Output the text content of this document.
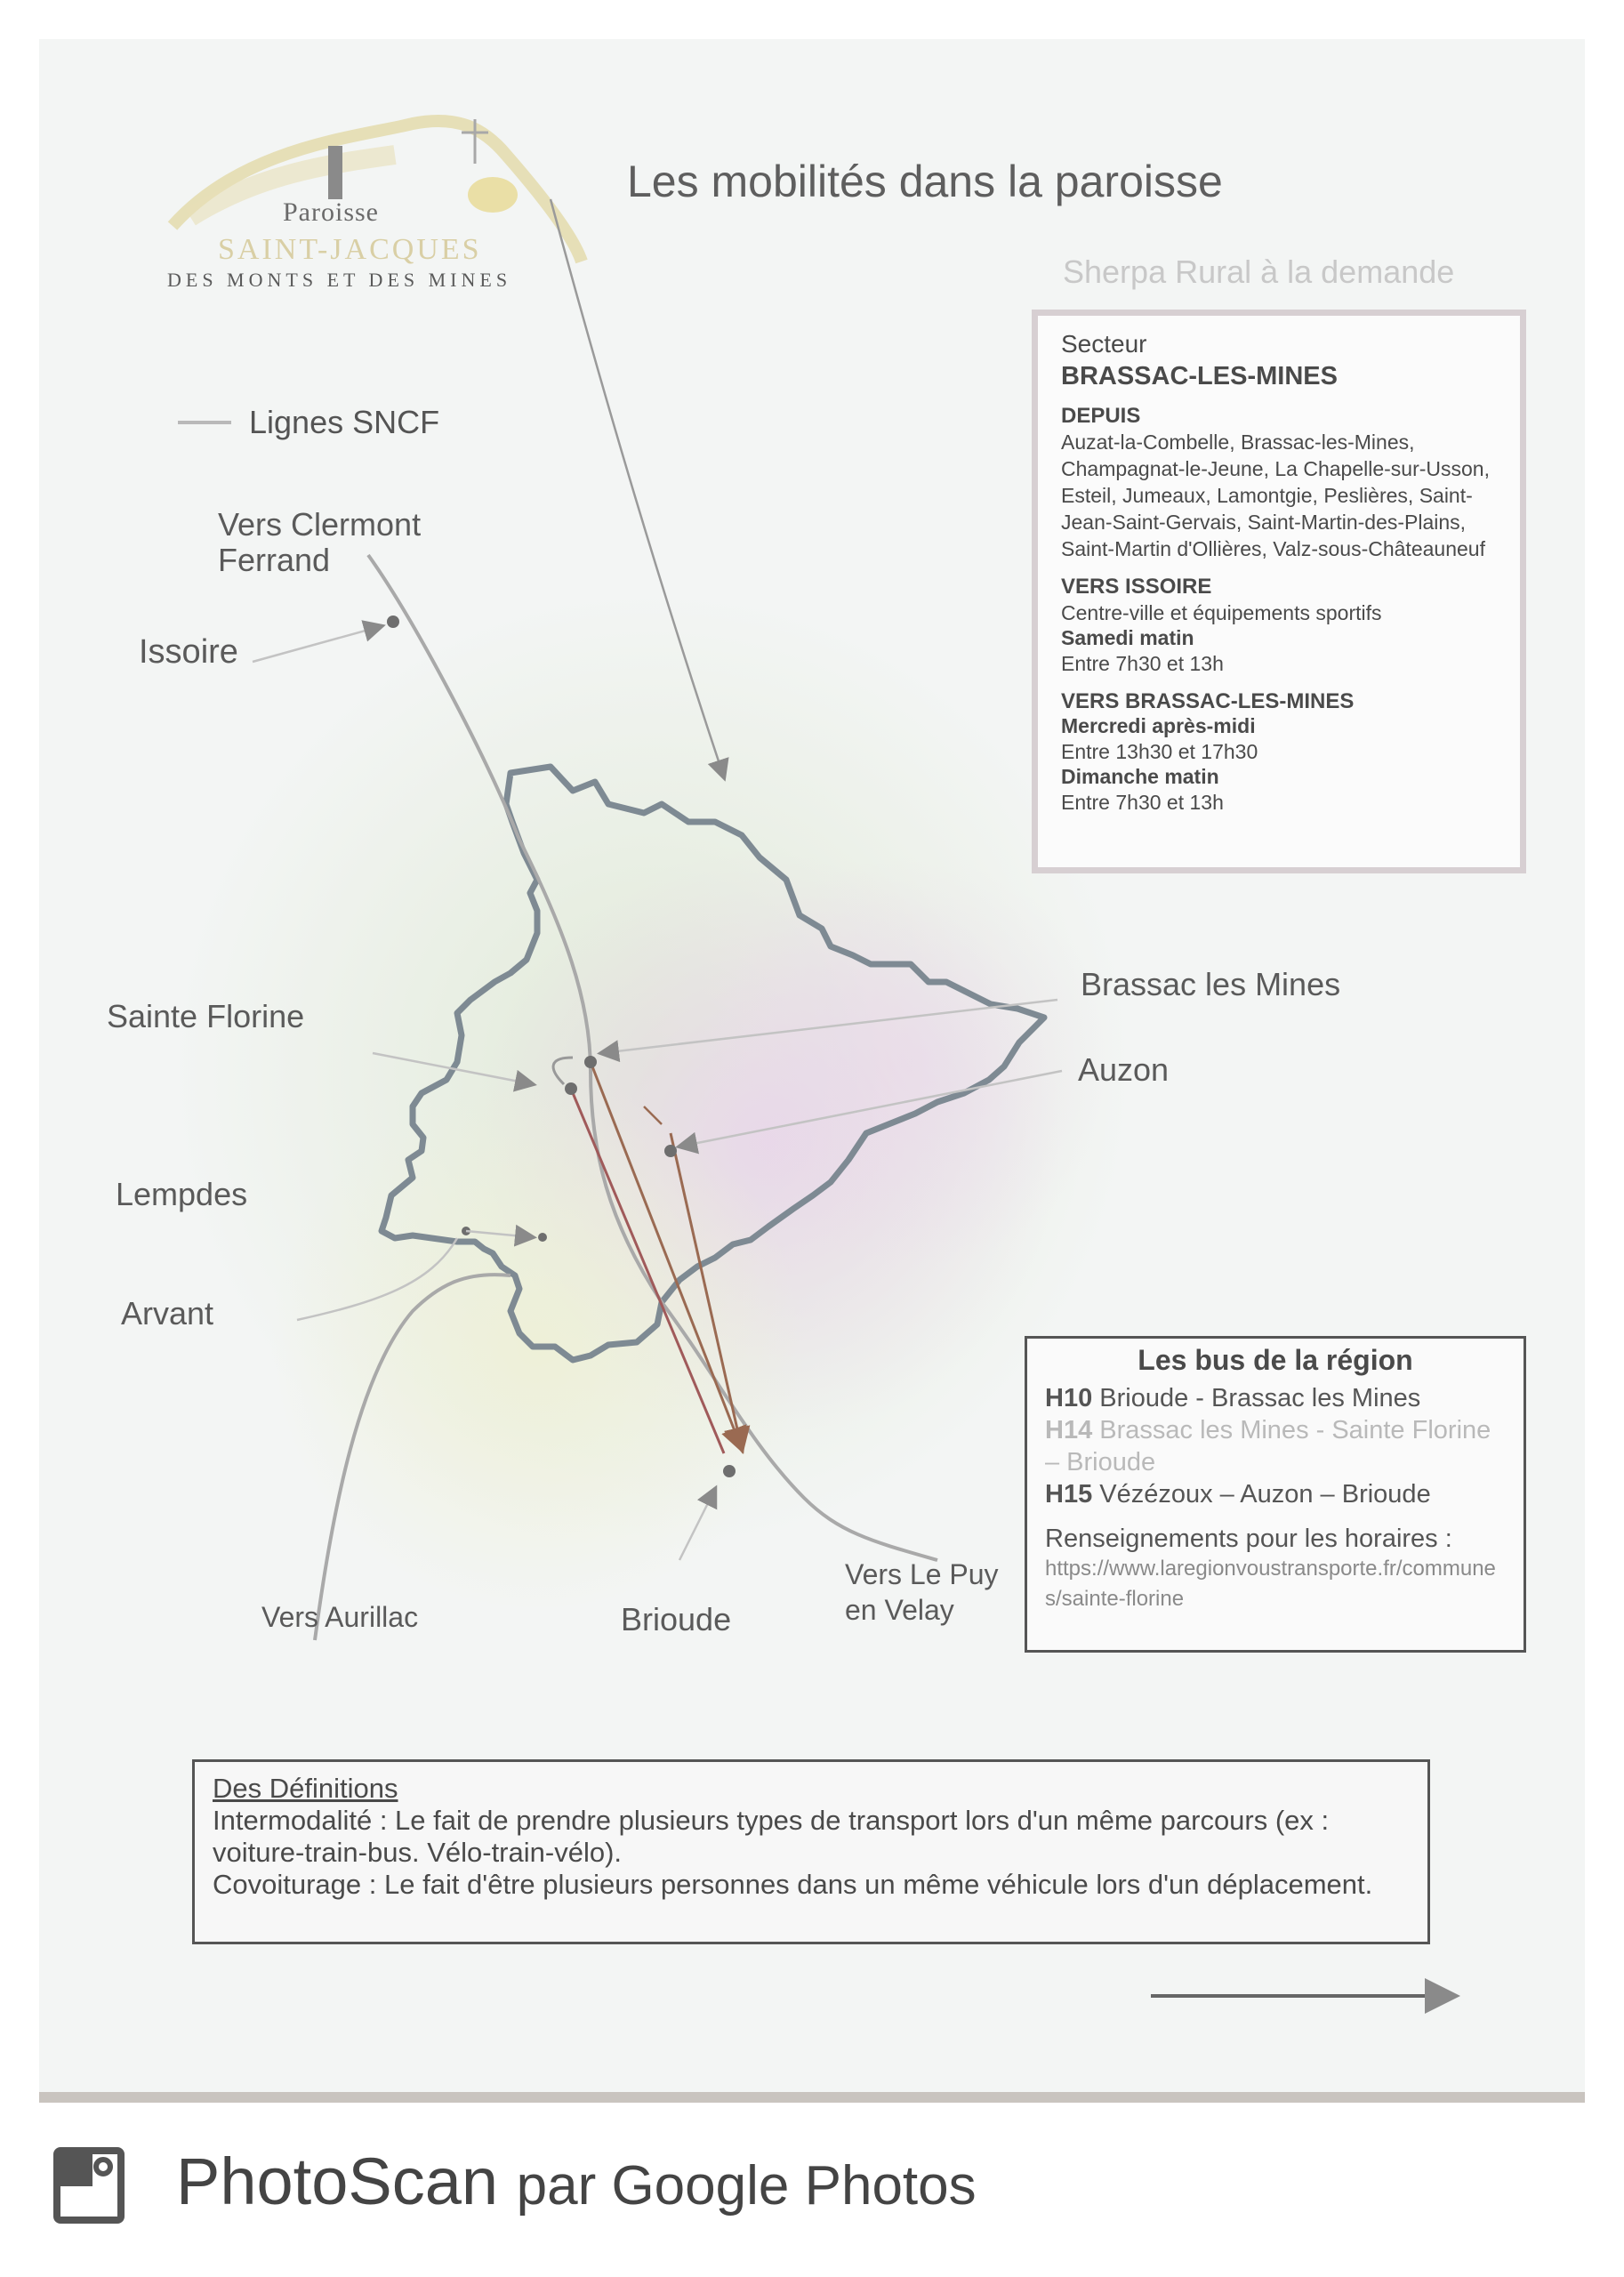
Les mobilités dans la paroisse
Paroisse
SAINT-JACQUES
DES MONTS ET DES MINES	Sherpa Rural à la demande
Lignes SNCF
Vers Clermont Ferrand
Issoire
Sainte Florine
Lempdes
Arvant
Brassac les Mines
Auzon
Vers Aurillac	Brioude
Vers Le Puy en Velay
Secteur
BRASSAC-LES-MINES
DEPUIS
Auzat-la-Combelle, Brassac-les-Mines, Champagnat-le-Jeune, La Chapelle-sur-Usson, Esteil, Jumeaux, Lamontgie, Peslières, Saint-Jean-Saint-Gervais, Saint-Martin-des-Plains, Saint-Martin d'Ollières, Valz-sous-Châteauneuf
VERS ISSOIRE
Centre-ville et équipements sportifs
Samedi matin
Entre 7h30 et 13h
VERS BRASSAC-LES-MINES
Mercredi après-midi
Entre 13h30 et 17h30
Dimanche matin
Entre 7h30 et 13h
Les bus de la région
H10 Brioude - Brassac les Mines
H14 Brassac les Mines - Sainte Florine – Brioude
H15 Vézézoux – Auzon – Brioude
Renseignements pour les horaires :
https://www.laregionvoustransporte.fr/communes/sainte-florine
Des Définitions
Intermodalité : Le fait de prendre plusieurs types de transport lors d'un même parcours (ex : voiture-train-bus. Vélo-train-vélo).
Covoiturage : Le fait d'être plusieurs personnes dans un même véhicule lors d'un déplacement.
PhotoScan par Google Photos
